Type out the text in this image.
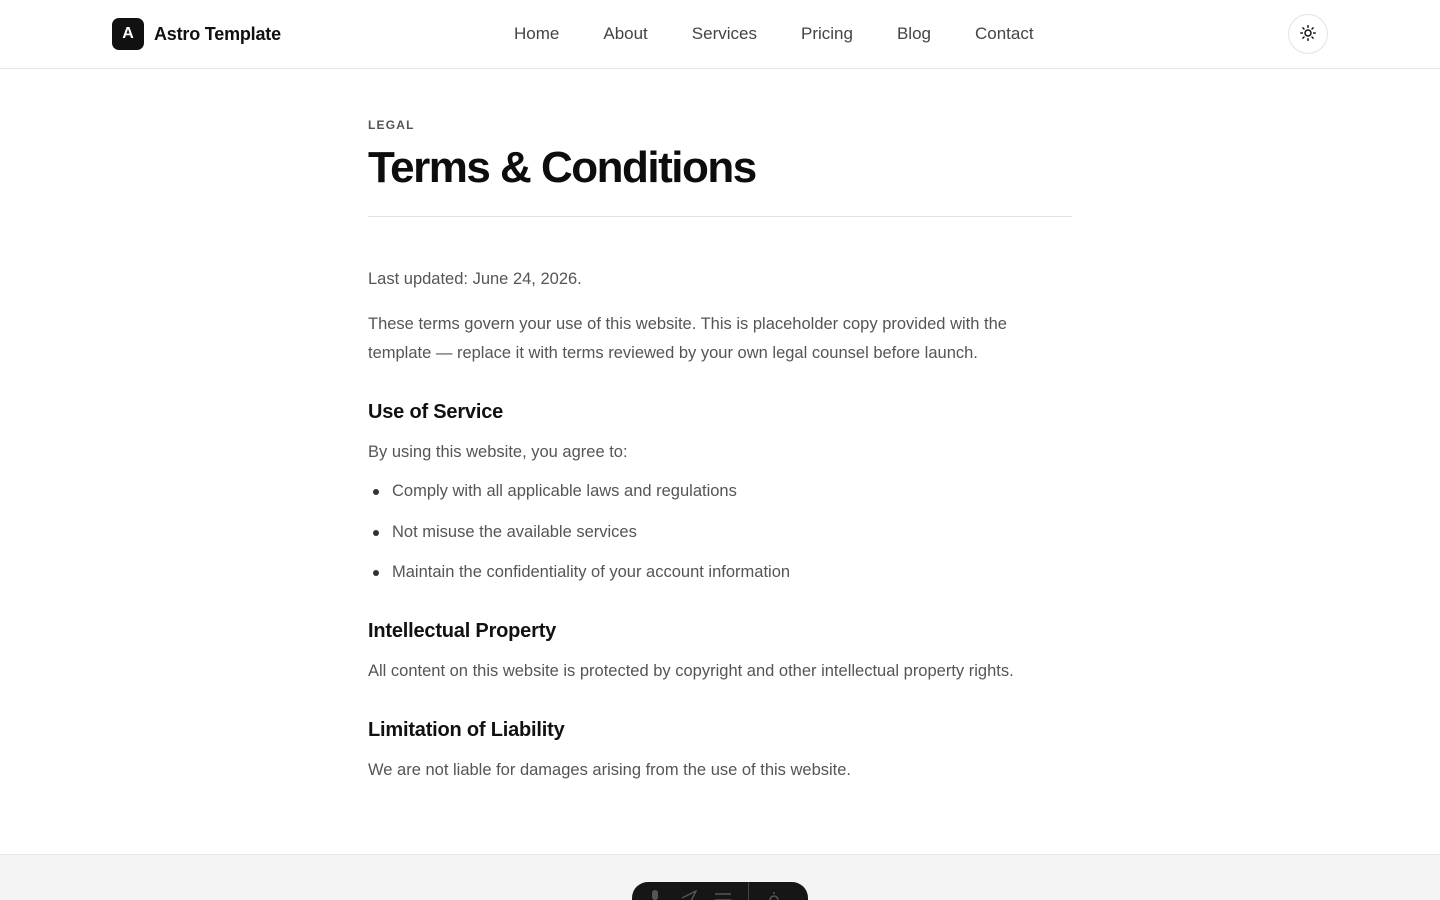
A	Astro Template	Home	About	Services	Pricing	Blog	Contact
LEGAL
Terms & Conditions

Last updated: June 24, 2026.

These terms govern your use of this website. This is placeholder copy provided with the template — replace it with terms reviewed by your own legal counsel before launch.

Use of Service

By using this website, you agree to:

Comply with all applicable laws and regulations
Not misuse the available services
Maintain the confidentiality of your account information
Intellectual Property

All content on this website is protected by copyright and other intellectual property rights.

Limitation of Liability

We are not liable for damages arising from the use of this website.
